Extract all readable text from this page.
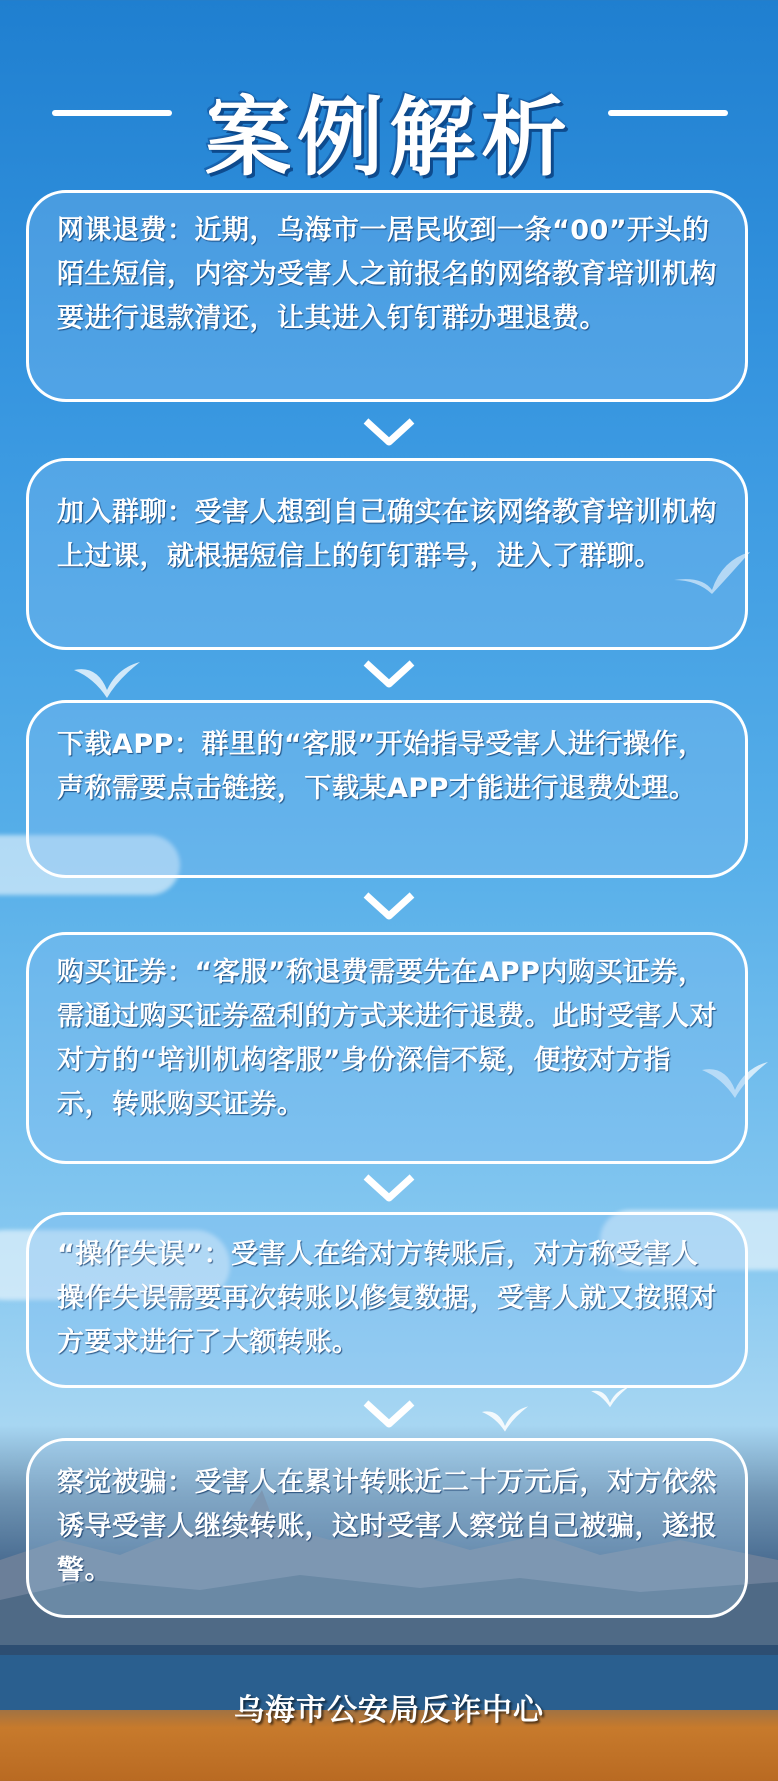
案例解析

网课退费：近期，乌海市一居民收到一条“00”开头的陌生短信，内容为受害人之前报名的网络教育培训机构要进行退款清还，让其进入钉钉群办理退费。

加入群聊：受害人想到自己确实在该网络教育培训机构上过课，就根据短信上的钉钉群号，进入了群聊。

下载APP：群里的“客服”开始指导受害人进行操作，声称需要点击链接，下载某APP才能进行退费处理。

购买证券：“客服”称退费需要先在APP内购买证券，需通过购买证券盈利的方式来进行退费。此时受害人对对方的“培训机构客服”身份深信不疑，便按对方指示，转账购买证券。

“操作失误”：受害人在给对方转账后，对方称受害人操作失误需要再次转账以修复数据，受害人就又按照对方要求进行了大额转账。

察觉被骗：受害人在累计转账近二十万元后，对方依然诱导受害人继续转账，这时受害人察觉自己被骗，遂报警。

乌海市公安局反诈中心
